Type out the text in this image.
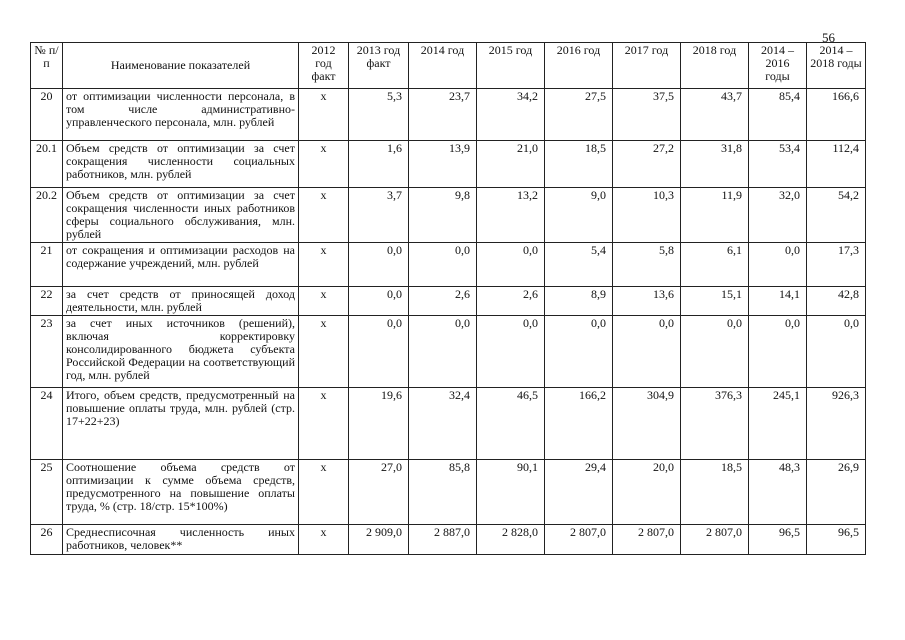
56
№ п/п	Наименование показателей	2012 год факт	2013 год факт	2014 год	2015 год	2016 год	2017 год	2018 год	2014 – 2016 годы	2014 – 2018 годы
20	от оптимизации численности персонала, в том числе административно-управленческого персонала, млн. рублей	x	5,3	23,7	34,2	27,5	37,5	43,7	85,4	166,6
20.1	Объем средств от оптимизации за счет сокращения численности социальных работников, млн. рублей	x	1,6	13,9	21,0	18,5	27,2	31,8	53,4	112,4
20.2	Объем средств от оптимизации за счет сокращения численности иных работников сферы социального обслуживания, млн. рублей	x	3,7	9,8	13,2	9,0	10,3	11,9	32,0	54,2
21	от сокращения и оптимизации расходов на содержание учреждений, млн. рублей	x	0,0	0,0	0,0	5,4	5,8	6,1	0,0	17,3
22	за счет средств от приносящей доход деятельности, млн. рублей	x	0,0	2,6	2,6	8,9	13,6	15,1	14,1	42,8
23	за счет иных источников (решений), включая корректировку консолидированного бюджета субъекта Российской Федерации на соответствующий год, млн. рублей	x	0,0	0,0	0,0	0,0	0,0	0,0	0,0	0,0
24	Итого, объем средств, предусмотренный на повышение оплаты труда, млн. рублей (стр. 17+22+23)	x	19,6	32,4	46,5	166,2	304,9	376,3	245,1	926,3
25	Соотношение объема средств от оптимизации к сумме объема средств, предусмотренного на повышение оплаты труда, % (стр. 18/стр. 15*100%)	x	27,0	85,8	90,1	29,4	20,0	18,5	48,3	26,9
26	Среднесписочная численность иных работников, человек**	x	2 909,0	2 887,0	2 828,0	2 807,0	2 807,0	2 807,0	96,5	96,5
